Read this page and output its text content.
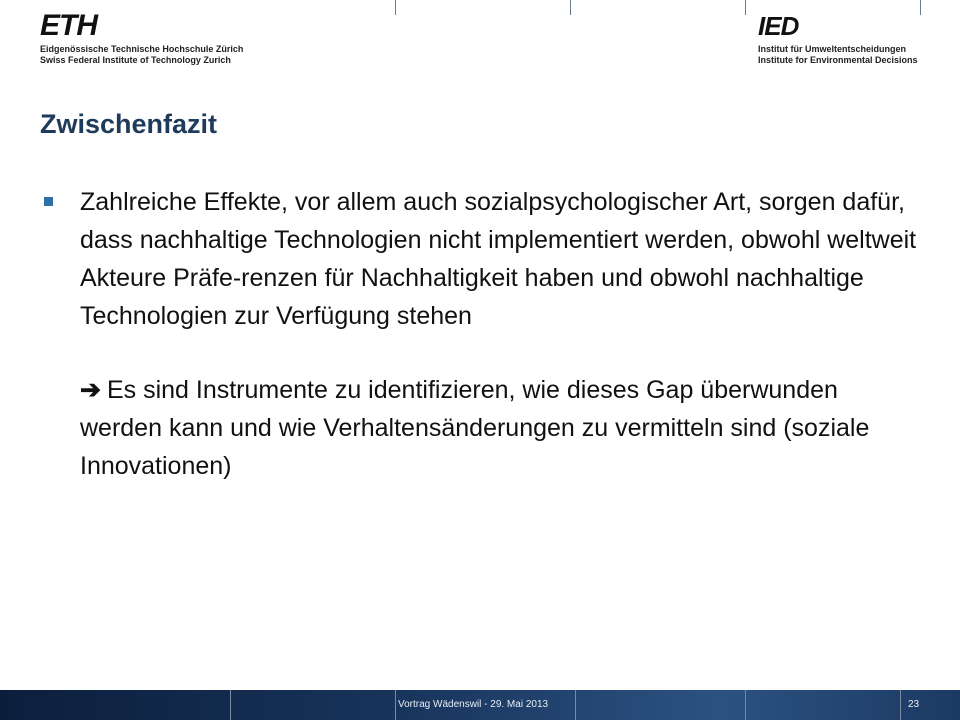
ETH
Eidgenössische Technische Hochschule Zürich
Swiss Federal Institute of Technology Zurich
IED
Institut für Umweltentscheidungen
Institute for Environmental Decisions
Zwischenfazit
Zahlreiche Effekte, vor allem auch sozialpsychologischer Art, sorgen dafür, dass nachhaltige Technologien nicht implementiert werden, obwohl weltweit Akteure Präfe-renzen für Nachhaltigkeit haben und obwohl nachhaltige Technologien zur Verfügung stehen
➔ Es sind Instrumente zu identifizieren, wie dieses Gap überwunden werden kann und wie Verhaltensänderungen zu vermitteln sind (soziale Innovationen)
Vortrag Wädenswil - 29. Mai 2013	23
